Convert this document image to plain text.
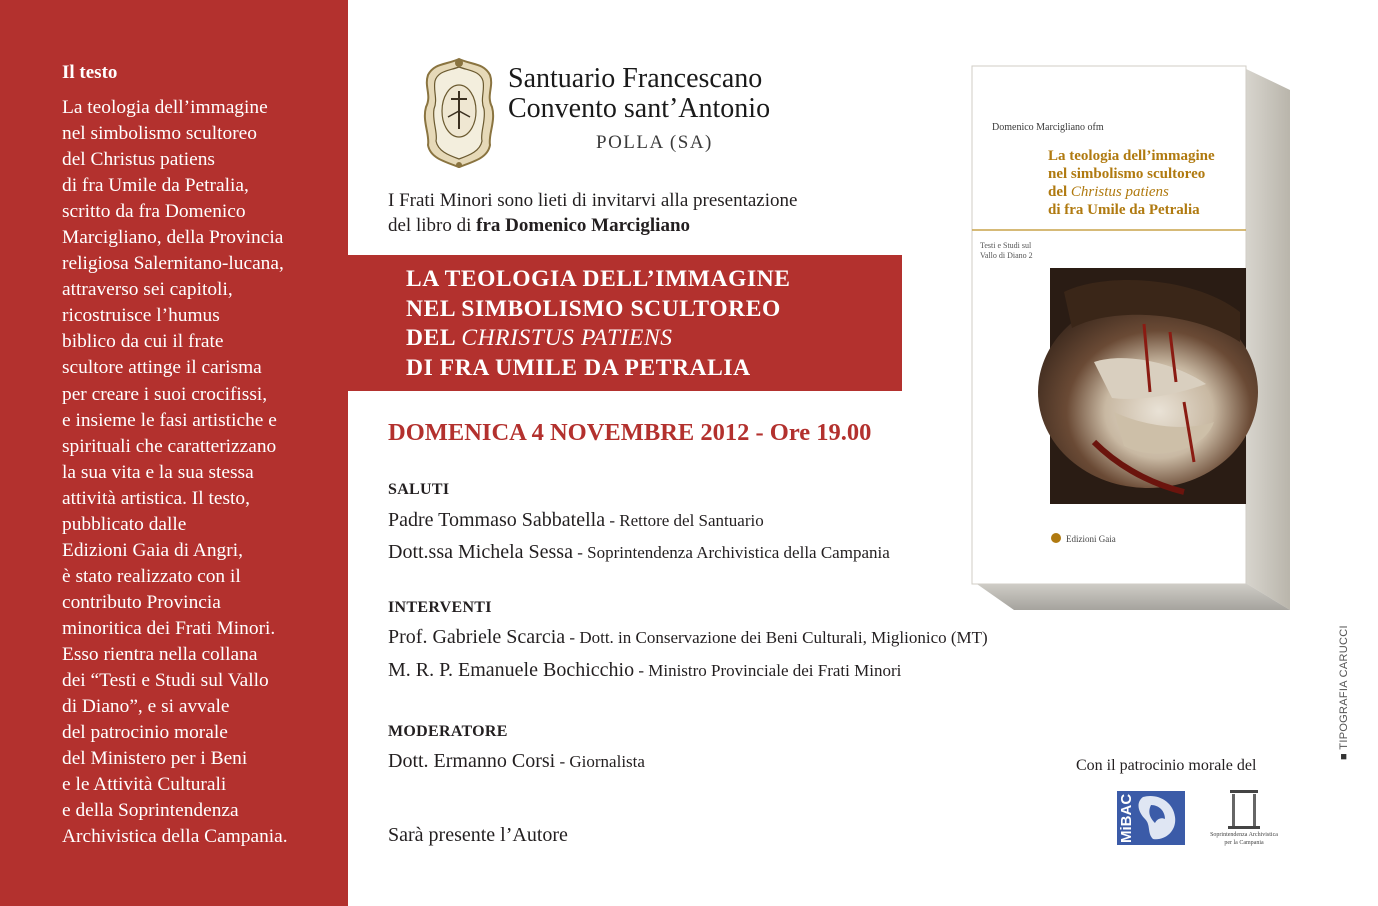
Il testo
La teologia dell’immagine
nel simbolismo scultoreo
del Christus patiens
di fra Umile da Petralia,
scritto da fra Domenico
Marcigliano, della Provincia
religiosa Salernitano-lucana,
attraverso sei capitoli,
ricostruisce l’humus
biblico da cui il frate
scultore attinge il carisma
per creare i suoi crocifissi,
e insieme le fasi artistiche e
spirituali che caratterizzano
la sua vita e la sua stessa
attività artistica. Il testo,
pubblicato dalle
Edizioni Gaia di Angri,
è stato realizzato con il
contributo Provincia
minoritica dei Frati Minori.
Esso rientra nella collana
dei “Testi e Studi sul Vallo
di Diano”, e si avvale
del patrocinio morale
del Ministero per i Beni
e le Attività Culturali
e della Soprintendenza
Archivistica della Campania.
Santuario Francescano
Convento sant’Antonio
POLLA (SA)
I Frati Minori sono lieti di invitarvi alla presentazione
del libro di fra Domenico Marcigliano
LA TEOLOGIA DELL’IMMAGINE
NEL SIMBOLISMO SCULTOREO
DEL CHRISTUS PATIENS
DI FRA UMILE DA PETRALIA
DOMENICA 4 NOVEMBRE 2012 - Ore 19.00
SALUTI
Padre Tommaso Sabbatella - Rettore del Santuario
Dott.ssa Michela Sessa - Soprintendenza Archivistica della Campania
INTERVENTI
Prof. Gabriele Scarcia - Dott. in Conservazione dei Beni Culturali, Miglionico (MT)
M. R. P. Emanuele Bochicchio - Ministro Provinciale dei Frati Minori
MODERATORE
Dott. Ermanno Corsi - Giornalista
Sarà presente l’Autore
Domenico Marcigliano ofm
La teologia dell’immagine
nel simbolismo scultoreo
del Christus patiens
di fra Umile da Petralia
Testi e Studi sul
Vallo di Diano 2
Edizioni Gaia
■ TIPOGRAFIA CARUCCI
Con il patrocinio morale del
MiBAC	Soprintendenza Archivistica
per la Campania
